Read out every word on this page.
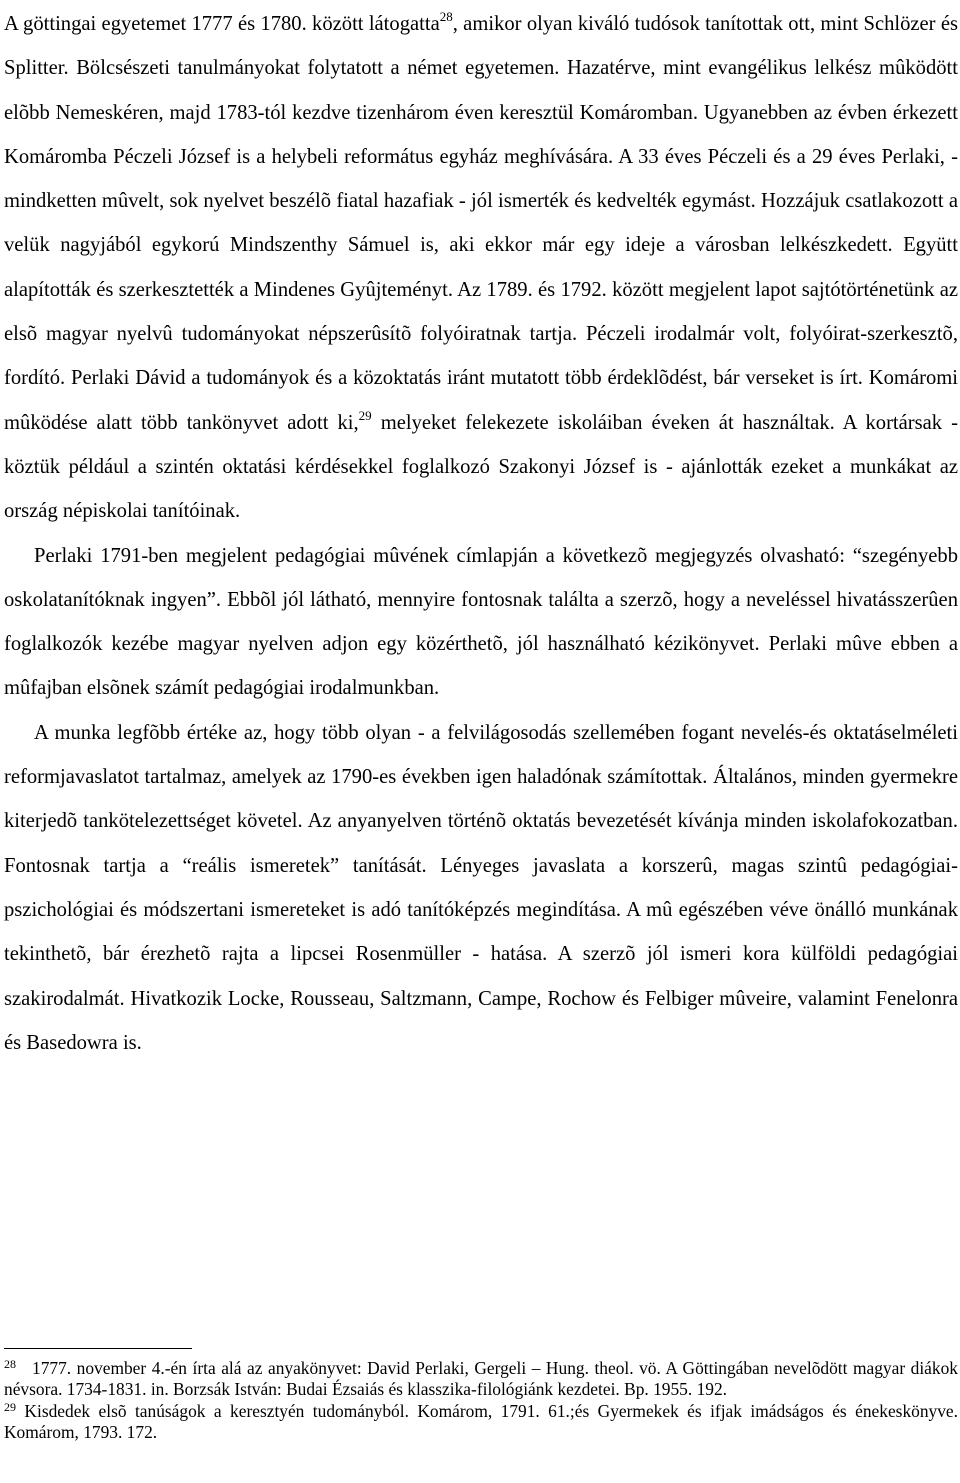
A göttingai egyetemet 1777 és 1780. között látogatta$^{28}$, amikor olyan kiváló tudósok tanítottak ott, mint Schlözer és Splitter. Bölcsészeti tanulmányokat folytatott a német egyetemen. Hazatérve, mint evangélikus lelkész mûködött elõbb Nemeskéren, majd 1783-tól kezdve tizenhárom éven keresztül Komáromban. Ugyanebben az évben érkezett Komáromba Péczeli József is a helybeli református egyház meghívására. A 33 éves Péczeli és a 29 éves Perlaki, - mindketten mûvelt, sok nyelvet beszélõ fiatal hazafiak - jól ismerték és kedvelték egymást. Hozzájuk csatlakozott a velük nagyjából egykorú Mindszenthy Sámuel is, aki ekkor már egy ideje a városban lelkészkedett. Együtt alapították és szerkesztették a Mindenes Gyûjteményt. Az 1789. és 1792. között megjelent lapot sajtótörténetünk az elsõ magyar nyelvû tudományokat népszerûsítõ folyóiratnak tartja. Péczeli irodalmár volt, folyóirat-szerkesztõ, fordító. Perlaki Dávid a tudományok és a közoktatás iránt mutatott több érdeklõdést, bár verseket is írt. Komáromi mûködése alatt több tankönyvet adott ki,$^{29}$ melyeket felekezete iskoláiban éveken át használtak. A kortársak - köztük például a szintén oktatási kérdésekkel foglalkozó Szakonyi József is - ajánlották ezeket a munkákat az ország népiskolai tanítóinak.

Perlaki 1791-ben megjelent pedagógiai mûvének címlapján a következõ megjegyzés olvasható: “szegényebb oskolatanítóknak ingyen”. Ebbõl jól látható, mennyire fontosnak találta a szerzõ, hogy a neveléssel hivatásszerûen foglalkozók kezébe magyar nyelven adjon egy közérthetõ, jól használható kézikönyvet. Perlaki mûve ebben a mûfajban elsõnek számít pedagógiai irodalmunkban.

A munka legfõbb értéke az, hogy több olyan - a felvilágosodás szellemében fogant nevelés-és oktatáselméleti reformjavaslatot tartalmaz, amelyek az 1790-es években igen haladónak számítottak. Általános, minden gyermekre kiterjedõ tankötelezettséget követel. Az anyanyelven történõ oktatás bevezetését kívánja minden iskolafokozatban. Fontosnak tartja a “reális ismeretek” tanítását. Lényeges javaslata a korszerû, magas szintû pedagógiai-pszichológiai és módszertani ismereteket is adó tanítóképzés megindítása. A mû egészében véve önálló munkának tekinthetõ, bár érezhetõ rajta a lipcsei Rosenmüller - hatása. A szerzõ jól ismeri kora külföldi pedagógiai szakirodalmát. Hivatkozik Locke, Rousseau, Saltzmann, Campe, Rochow és Felbiger mûveire, valamint Fenelonra és Basedowra is.

$^{28}$ 1777. november 4.-én írta alá az anyakönyvet: David Perlaki, Gergeli – Hung. theol. vö. A Göttingában nevelõdött magyar diákok névsora. 1734-1831. in. Borzsák István: Budai Ézsaiás és klasszika-filológiánk kezdetei. Bp. 1955. 192.

$^{29}$ Kisdedek elsõ tanúságok a keresztyén tudományból. Komárom, 1791. 61.;és Gyermekek és ifjak imádságos és énekeskönyve. Komárom, 1793. 172.
